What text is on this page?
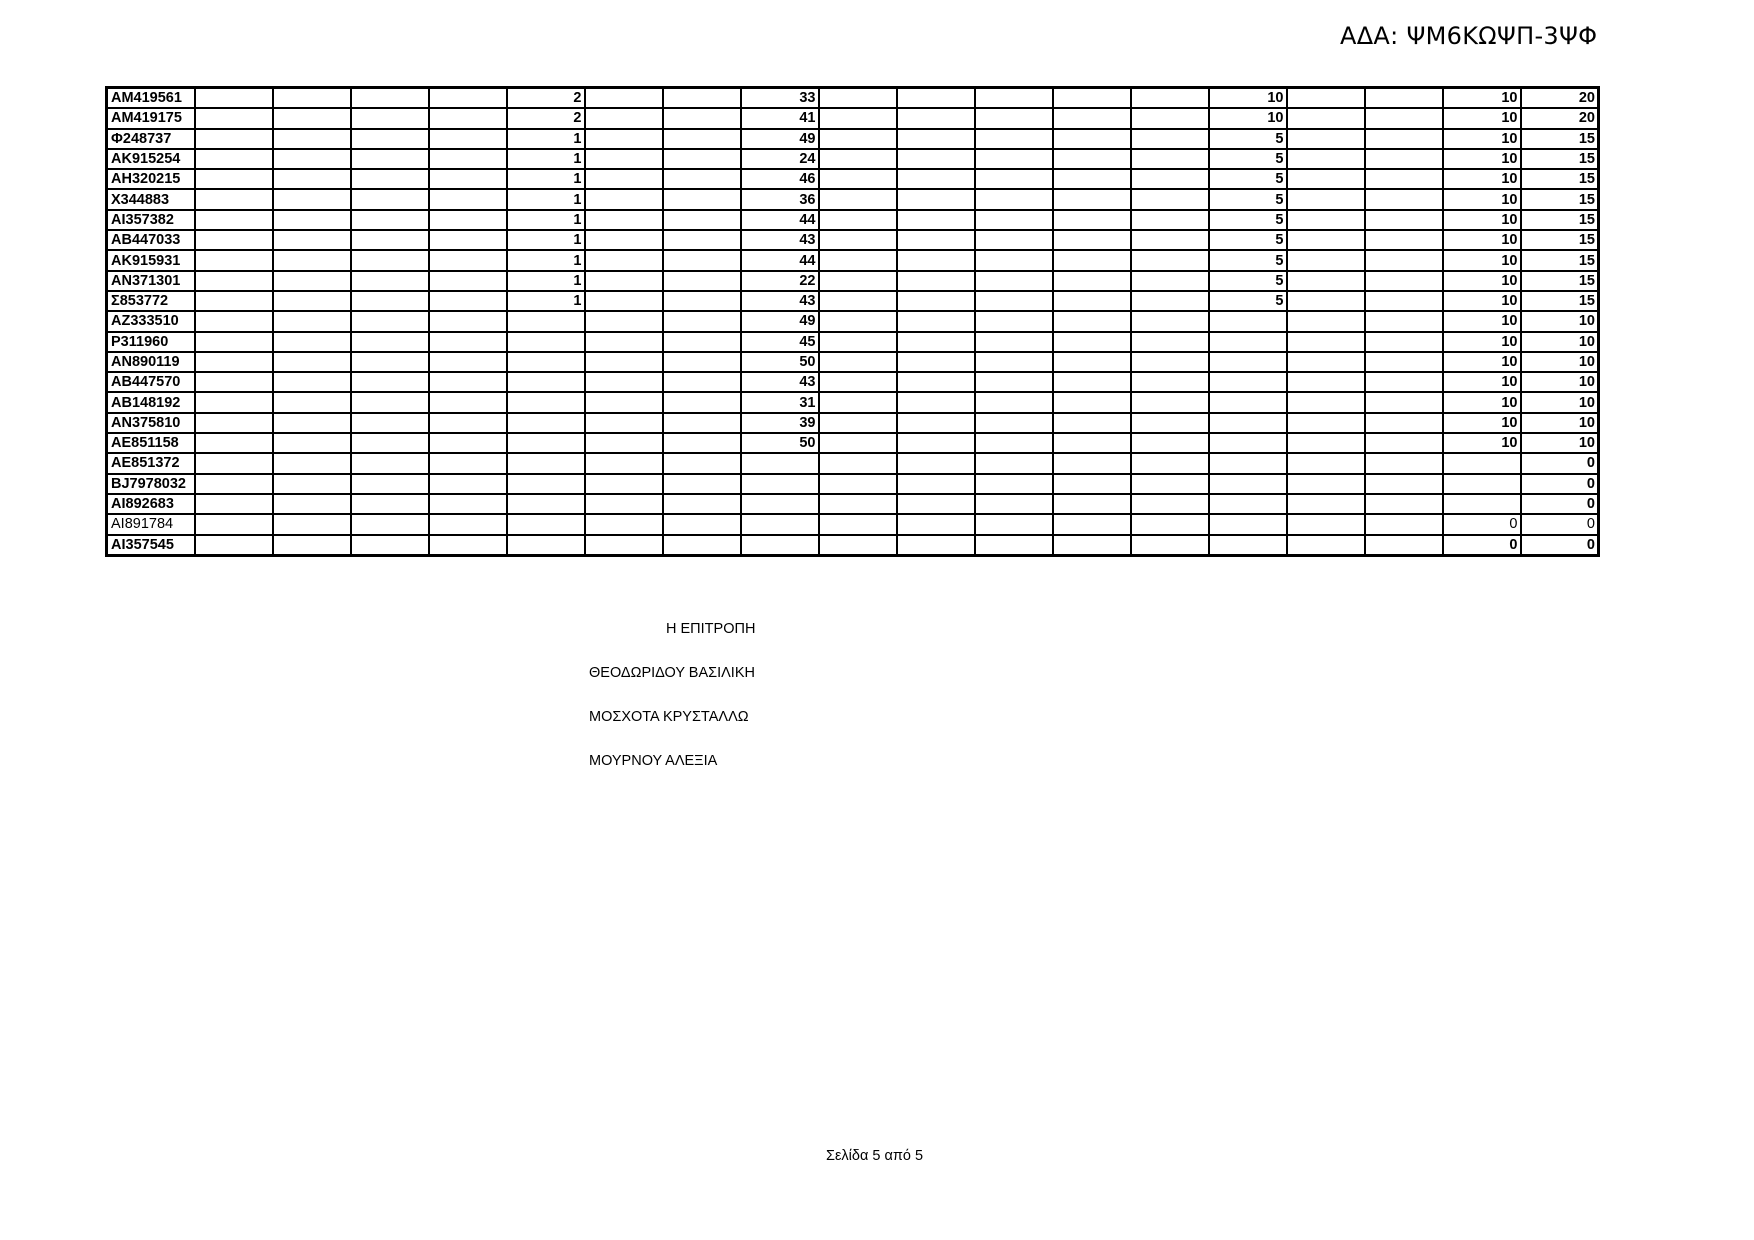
ΑΔΑ: ΨΜ6ΚΩΨΠ-3ΨΦ
AM419561					2			33						10			10	20
AM419175					2			41						10			10	20
Φ248737					1			49						5			10	15
AK915254					1			24						5			10	15
AH320215					1			46						5			10	15
X344883					1			36						5			10	15
AI357382					1			44						5			10	15
AB447033					1			43						5			10	15
AK915931					1			44						5			10	15
AN371301					1			22						5			10	15
Σ853772					1			43						5			10	15
AZ333510								49									10	10
P311960								45									10	10
AN890119								50									10	10
AB447570								43									10	10
AB148192								31									10	10
AN375810								39									10	10
AE851158								50									10	10
AE851372																		0
BJ7978032																		0
AI892683																		0
AI891784																	0	0
AI357545																	0	0
Η ΕΠΙΤΡΟΠΗ
ΘΕΟΔΩΡΙΔΟΥ ΒΑΣΙΛΙΚΗ
ΜΟΣΧΟΤΑ ΚΡΥΣΤΑΛΛΩ
ΜΟΥΡΝΟΥ ΑΛΕΞΙΑ
Σελίδα 5 από 5
